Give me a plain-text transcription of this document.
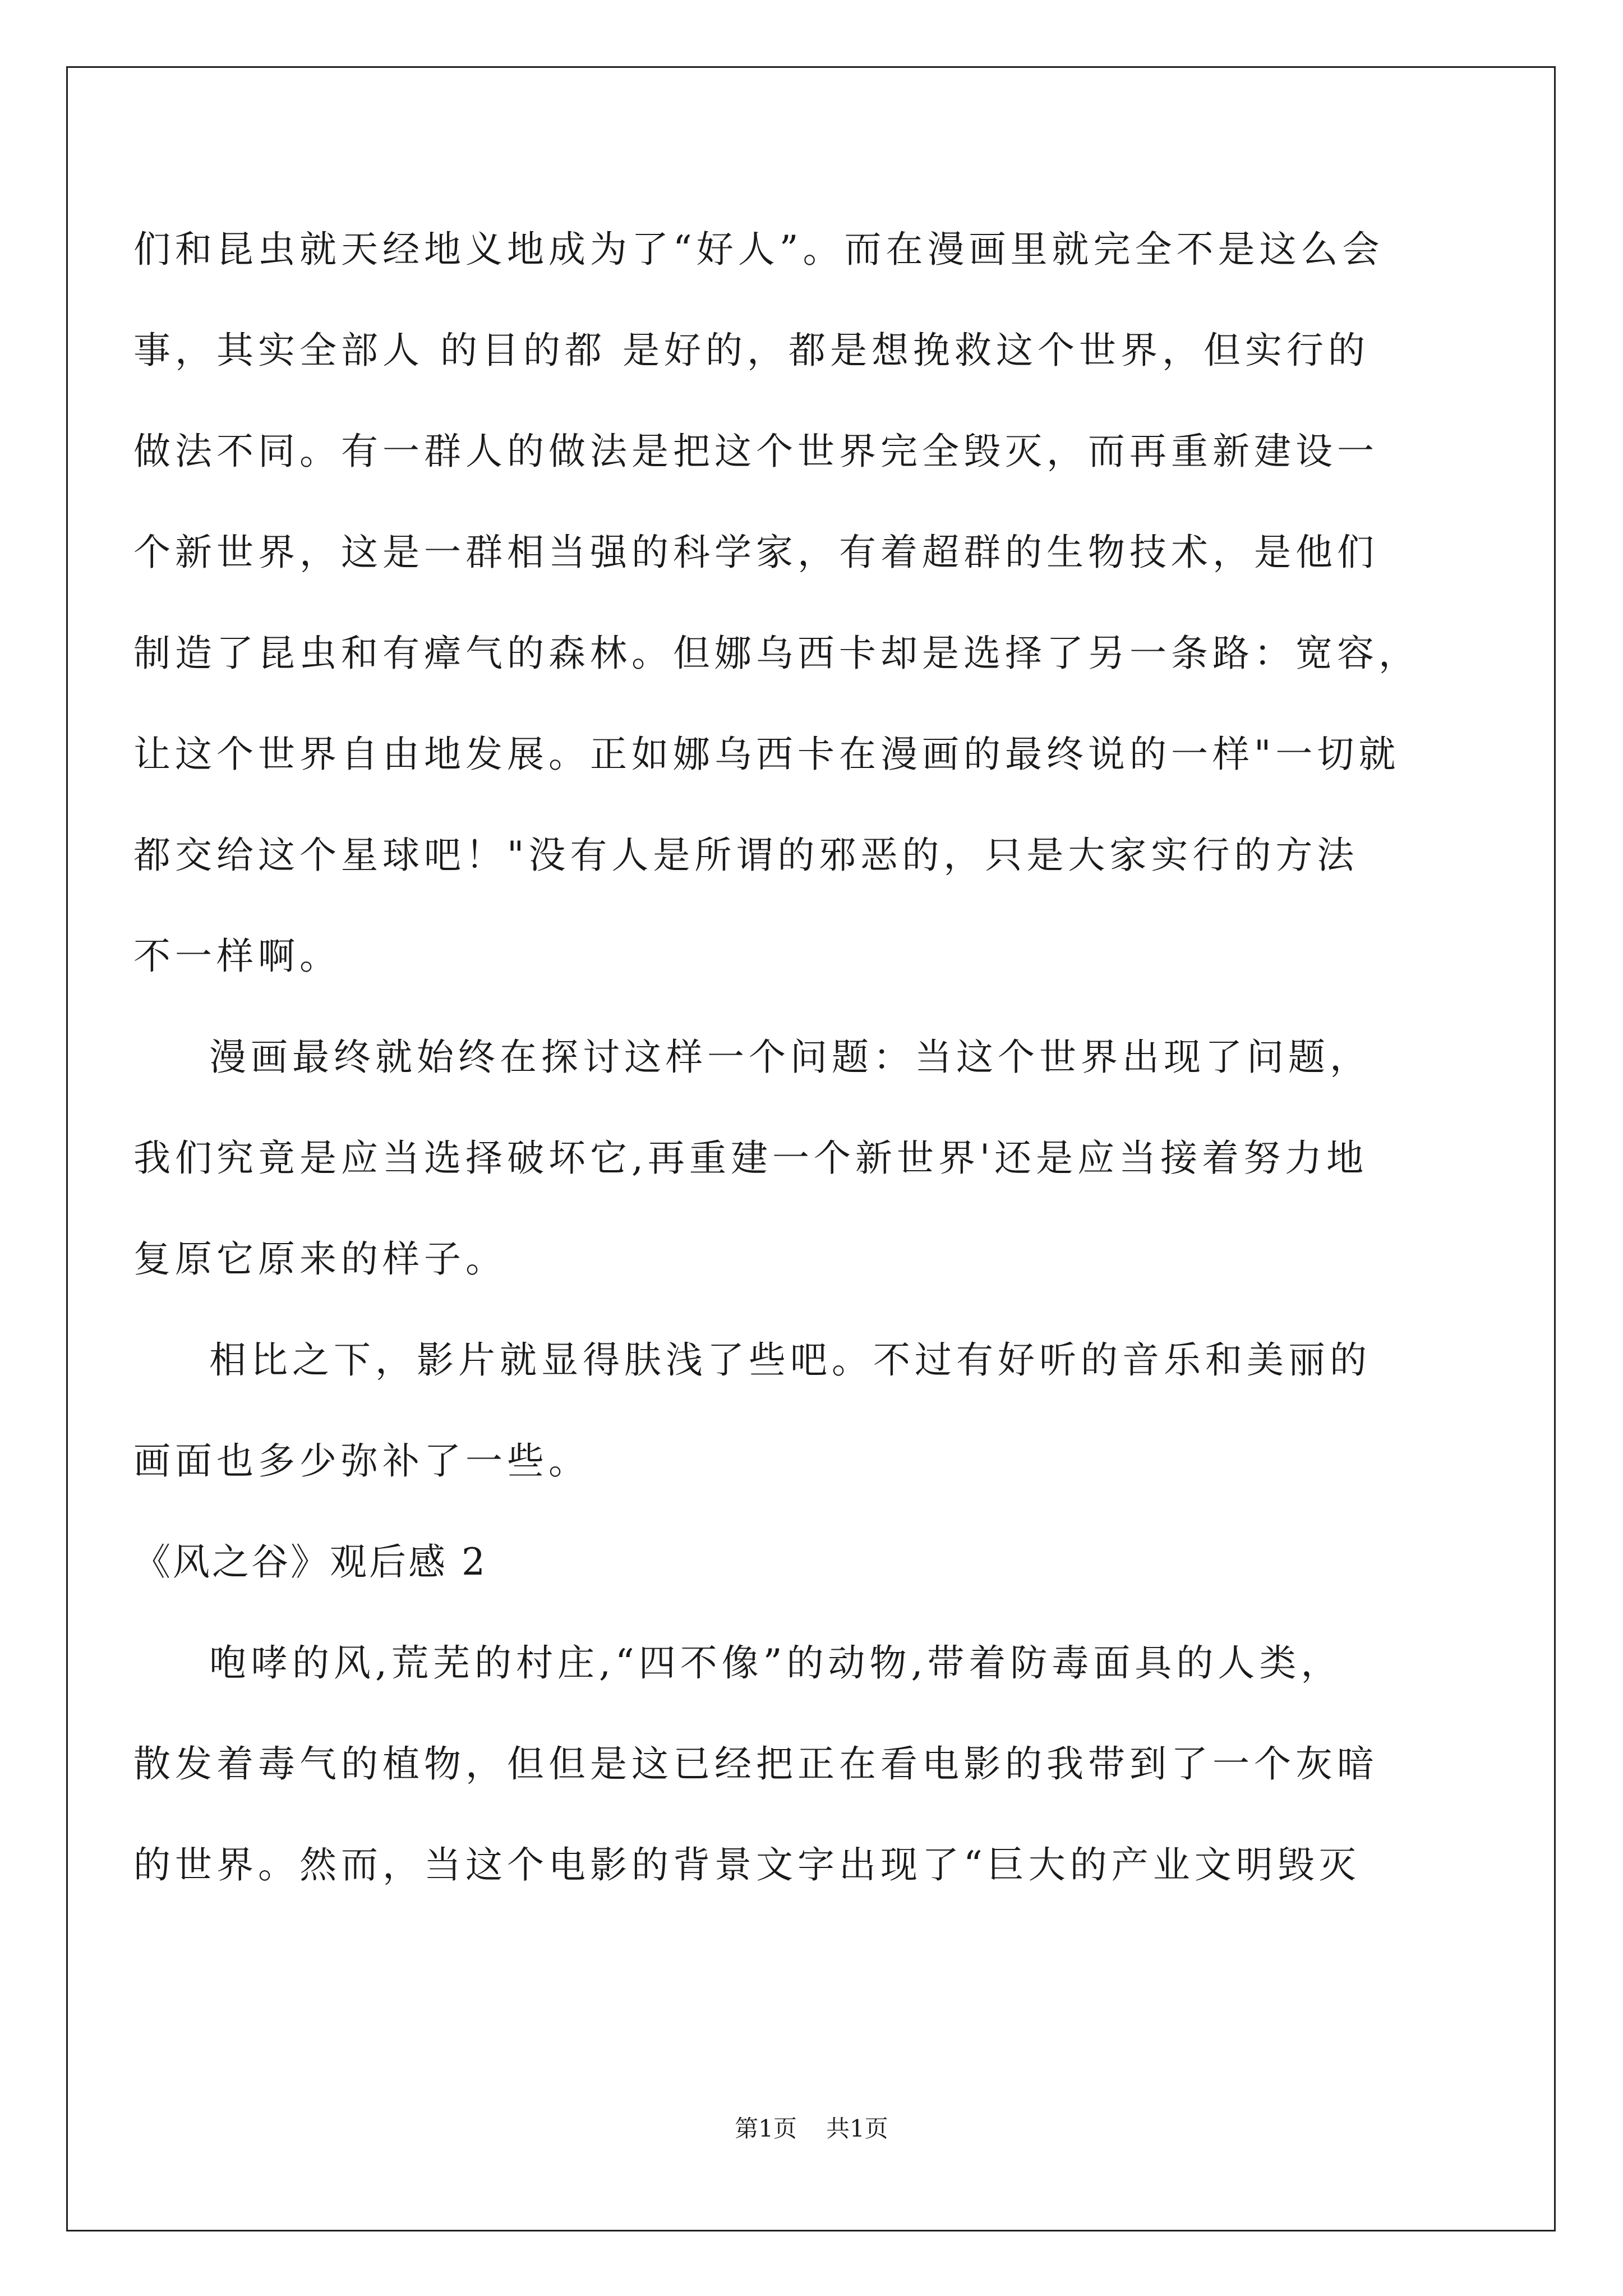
们和昆虫就天经地义地成为了“好人”。而在漫画里就完全不是这么会
事，其实全部人 的目的都 是好的，都是想挽救这个世界，但实行的
做法不同。有一群人的做法是把这个世界完全毁灭，而再重新建设一
个新世界，这是一群相当强的科学家，有着超群的生物技术，是他们
制造了昆虫和有瘴气的森林。但娜乌西卡却是选择了另一条路：宽容，
让这个世界自由地发展。正如娜乌西卡在漫画的最终说的一样"一切就
都交给这个星球吧！"没有人是所谓的邪恶的，只是大家实行的方法
不一样啊。
漫画最终就始终在探讨这样一个问题：当这个世界出现了问题，
我们究竟是应当选择破坏它,再重建一个新世界'还是应当接着努力地
复原它原来的样子。
相比之下，影片就显得肤浅了些吧。不过有好听的音乐和美丽的
画面也多少弥补了一些。
《风之谷》观后感 2
咆哮的风,荒芜的村庄,“四不像”的动物,带着防毒面具的人类，
散发着毒气的植物，但但是这已经把正在看电影的我带到了一个灰暗
的世界。然而，当这个电影的背景文字出现了“巨大的产业文明毁灭
第1页 共1页
